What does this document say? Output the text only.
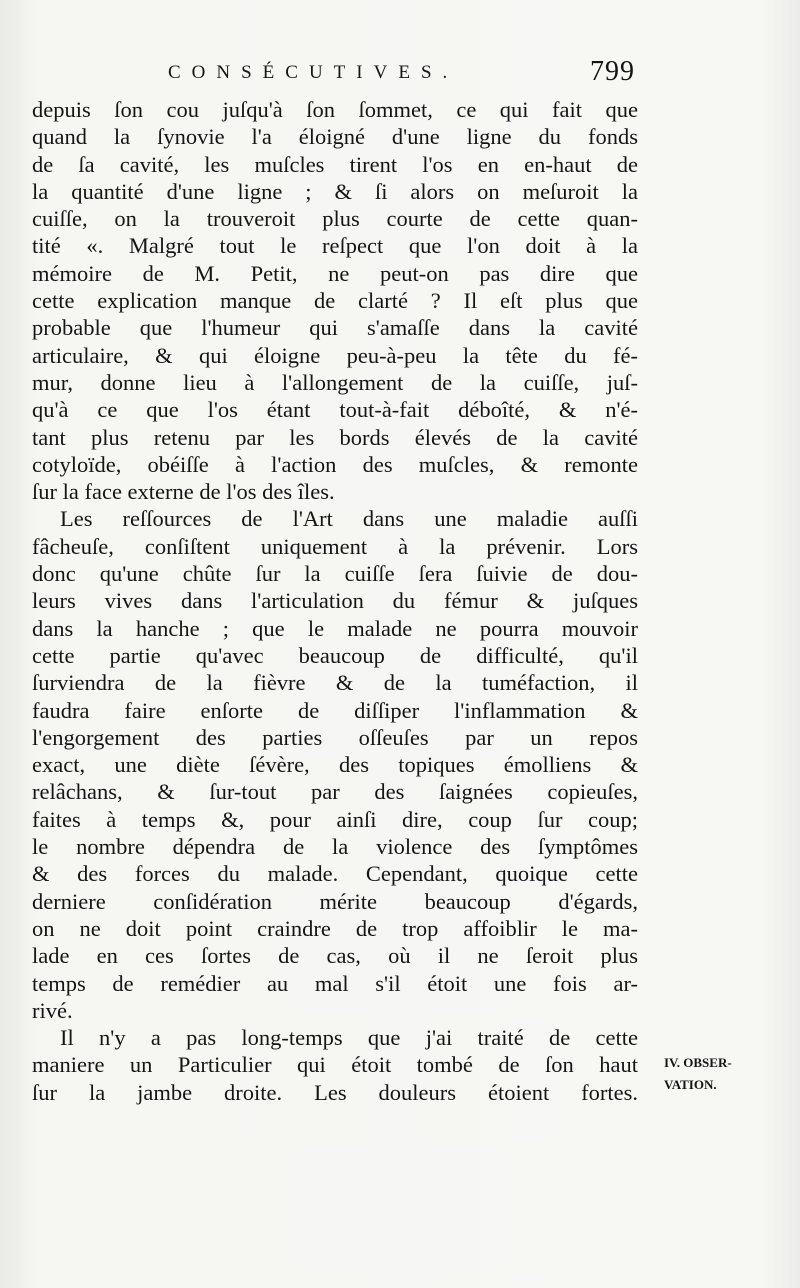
CONSÉCUTIVES.	799
depuis ſon cou juſqu'à ſon ſommet, ce qui fait que
quand la ſynovie l'a éloigné d'une ligne du fonds
de ſa cavité, les muſcles tirent l'os en en-haut de
la quantité d'une ligne ; & ſi alors on meſuroit la
cuiſſe, on la trouveroit plus courte de cette quan-
tité «. Malgré tout le reſpect que l'on doit à la
mémoire de M. Petit, ne peut-on pas dire que
cette explication manque de clarté ? Il eſt plus que
probable que l'humeur qui s'amaſſe dans la cavité
articulaire, & qui éloigne peu-à-peu la tête du fé-
mur, donne lieu à l'allongement de la cuiſſe, juſ-
qu'à ce que l'os étant tout-à-fait déboîté, & n'é-
tant plus retenu par les bords élevés de la cavité
cotyloïde, obéiſſe à l'action des muſcles, & remonte
ſur la face externe de l'os des îles.
Les reſſources de l'Art dans une maladie auſſi
fâcheuſe, conſiſtent uniquement à la prévenir. Lors
donc qu'une chûte ſur la cuiſſe ſera ſuivie de dou-
leurs vives dans l'articulation du fémur & juſques
dans la hanche ; que le malade ne pourra mouvoir
cette partie qu'avec beaucoup de difficulté, qu'il
ſurviendra de la fièvre & de la tuméfaction, il
faudra faire enſorte de diſſiper l'inflammation &
l'engorgement des parties oſſeuſes par un repos
exact, une diète ſévère, des topiques émolliens &
relâchans, & ſur-tout par des ſaignées copieuſes,
faites à temps &, pour ainſi dire, coup ſur coup;
le nombre dépendra de la violence des ſymptômes
& des forces du malade. Cependant, quoique cette
derniere conſidération mérite beaucoup d'égards,
on ne doit point craindre de trop affoiblir le ma-
lade en ces ſortes de cas, où il ne ſeroit plus
temps de remédier au mal s'il étoit une fois ar-
rivé.
Il n'y a pas long-temps que j'ai traité de cette
maniere un Particulier qui étoit tombé de ſon haut
ſur la jambe droite. Les douleurs étoient fortes.
IV. OBSER-
VATION.
